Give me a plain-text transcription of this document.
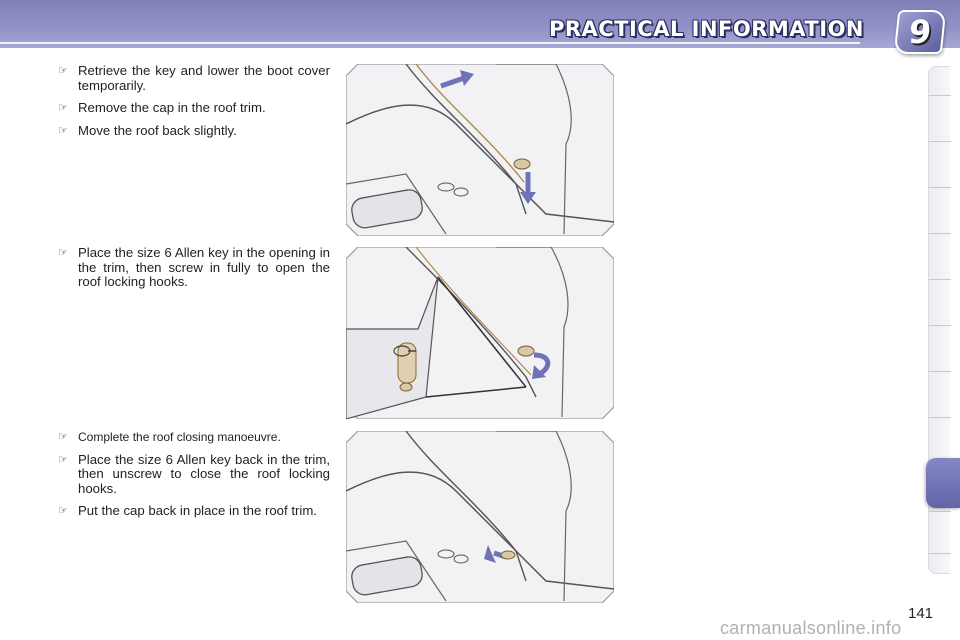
PRACTICAL INFORMATION 9
☞ Retrieve the key and lower the boot cover temporarily.
☞ Remove the cap in the roof trim.
☞ Move the roof back slightly.
☞ Place the size 6 Allen key in the opening in the trim, then screw in fully to open the roof locking hooks.
☞ Complete the roof closing manoeuvre.
☞ Place the size 6 Allen key back in the trim, then unscrew to close the roof locking hooks.
☞ Put the cap back in place in the roof trim.
141
carmanualsonline.info
